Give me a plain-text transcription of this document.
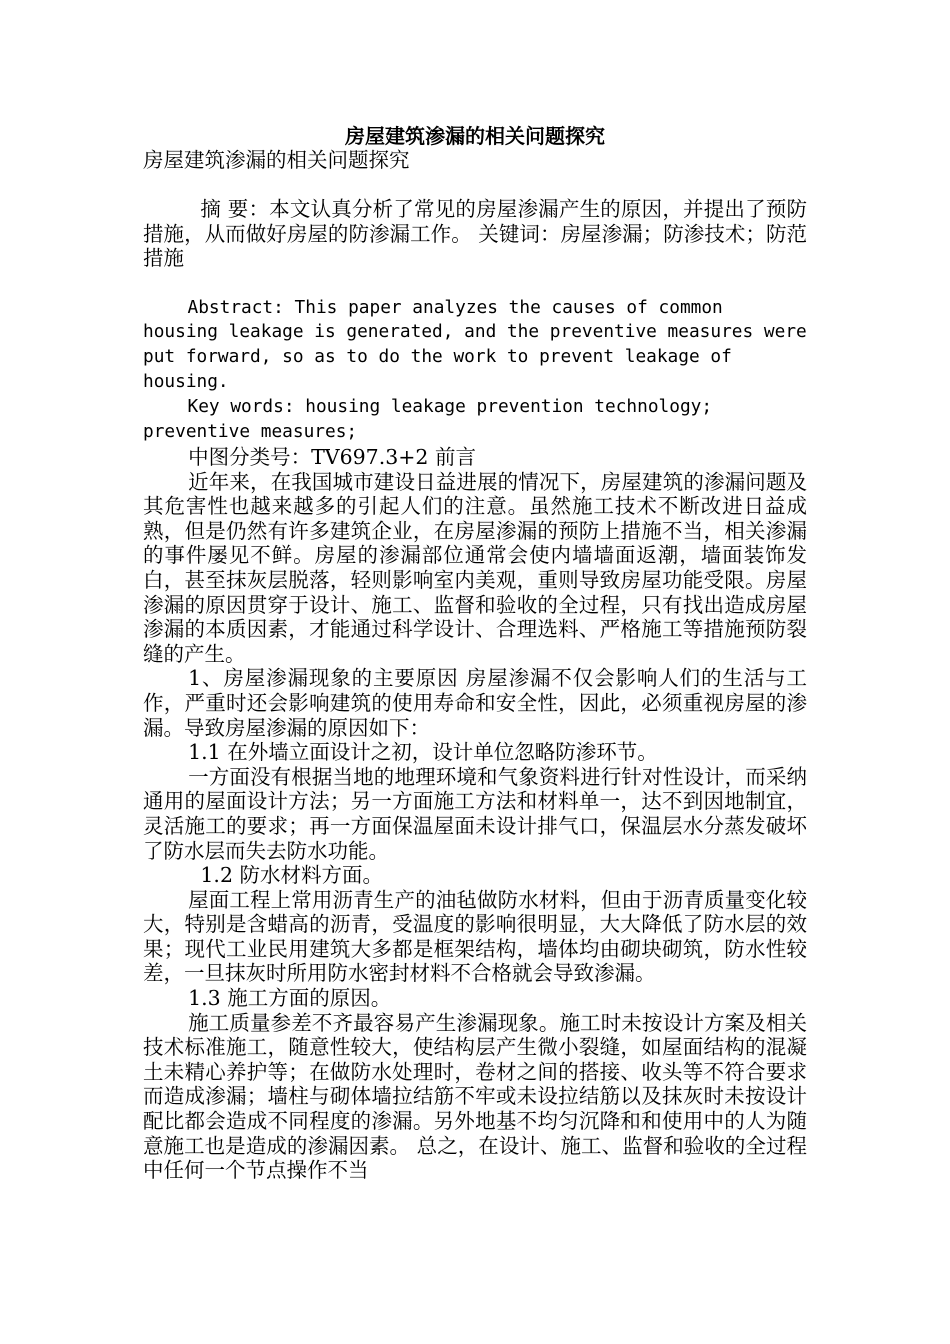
房屋建筑渗漏的相关问题探究

房屋建筑渗漏的相关问题探究

摘 要：本文认真分析了常见的房屋渗漏产生的原因，并提出了预防措施，从而做好房屋的防渗漏工作。 关键词：房屋渗漏；防渗技术；防范措施

Abstract: This paper analyzes the causes of common housing leakage is generated, and the preventive measures were put forward, so as to do the work to prevent leakage of housing.

Key words: housing leakage prevention technology; preventive measures;

中图分类号：TV697.3+2 前言

近年来，在我国城市建设日益进展的情况下，房屋建筑的渗漏问题及其危害性也越来越多的引起人们的注意。虽然施工技术不断改进日益成熟，但是仍然有许多建筑企业，在房屋渗漏的预防上措施不当，相关渗漏的事件屡见不鲜。房屋的渗漏部位通常会使内墙墙面返潮，墙面装饰发白，甚至抹灰层脱落，轻则影响室内美观，重则导致房屋功能受限。房屋渗漏的原因贯穿于设计、施工、监督和验收的全过程，只有找出造成房屋渗漏的本质因素，才能通过科学设计、合理选料、严格施工等措施预防裂缝的产生。

1、房屋渗漏现象的主要原因 房屋渗漏不仅会影响人们的生活与工作，严重时还会影响建筑的使用寿命和安全性，因此，必须重视房屋的渗漏。导致房屋渗漏的原因如下：

1.1 在外墙立面设计之初，设计单位忽略防渗环节。

一方面没有根据当地的地理环境和气象资料进行针对性设计，而采纳通用的屋面设计方法；另一方面施工方法和材料单一，达不到因地制宜，灵活施工的要求；再一方面保温屋面未设计排气口，保温层水分蒸发破坏了防水层而失去防水功能。

1.2 防水材料方面。

屋面工程上常用沥青生产的油毡做防水材料，但由于沥青质量变化较大，特别是含蜡高的沥青，受温度的影响很明显，大大降低了防水层的效果；现代工业民用建筑大多都是框架结构，墙体均由砌块砌筑，防水性较差，一旦抹灰时所用防水密封材料不合格就会导致渗漏。

1.3 施工方面的原因。

施工质量参差不齐最容易产生渗漏现象。施工时未按设计方案及相关技术标准施工，随意性较大，使结构层产生微小裂缝，如屋面结构的混凝土未精心养护等；在做防水处理时，卷材之间的搭接、收头等不符合要求而造成渗漏；墙柱与砌体墙拉结筋不牢或未设拉结筋以及抹灰时未按设计配比都会造成不同程度的渗漏。另外地基不均匀沉降和和使用中的人为随意施工也是造成的渗漏因素。 总之，在设计、施工、监督和验收的全过程中任何一个节点操作不当
